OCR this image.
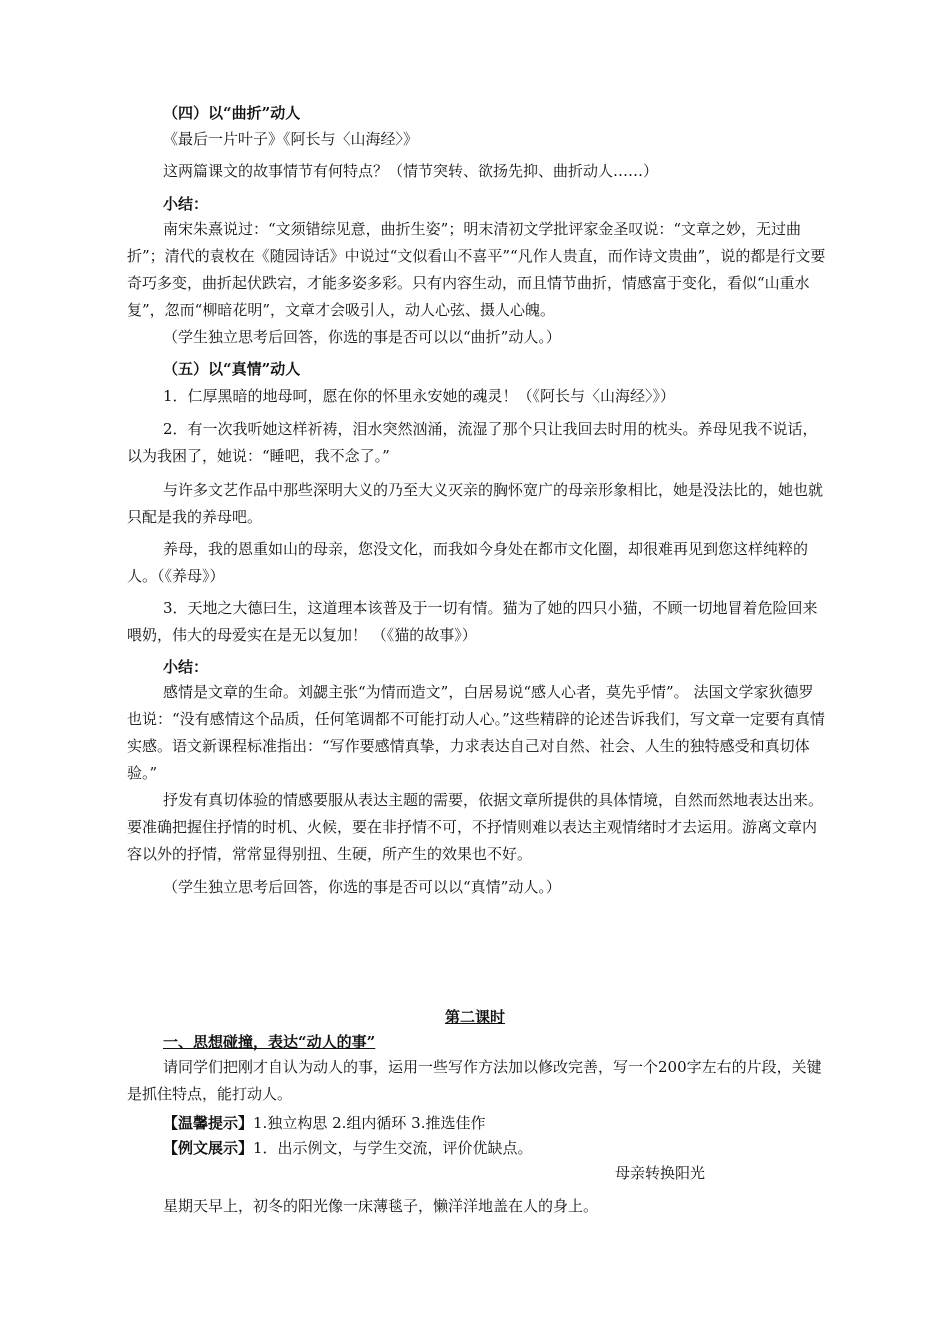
（四）以“曲折”动人

《最后一片叶子》《阿长与〈山海经〉》

这两篇课文的故事情节有何特点？（情节突转、欲扬先抑、曲折动人……）

小结：

南宋朱熹说过：“文须错综见意，曲折生姿”；明末清初文学批评家金圣叹说：“文章之妙，无过曲折”；清代的袁枚在《随园诗话》中说过“文似看山不喜平”“凡作人贵直，而作诗文贵曲”，说的都是行文要奇巧多变，曲折起伏跌宕，才能多姿多彩。只有内容生动，而且情节曲折，情感富于变化，看似“山重水复”，忽而“柳暗花明”，文章才会吸引人，动人心弦、摄人心魄。

（学生独立思考后回答，你选的事是否可以以“曲折”动人。）

（五）以“真情”动人

1．仁厚黑暗的地母呵，愿在你的怀里永安她的魂灵！（《阿长与〈山海经〉》）

2．有一次我听她这样祈祷，泪水突然汹涌，流湿了那个只让我回去时用的枕头。养母见我不说话，以为我困了，她说：“睡吧，我不念了。”

与许多文艺作品中那些深明大义的乃至大义灭亲的胸怀宽广的母亲形象相比，她是没法比的，她也就只配是我的养母吧。

养母，我的恩重如山的母亲，您没文化，而我如今身处在都市文化圈，却很难再见到您这样纯粹的人。（《养母》）

3．天地之大德曰生，这道理本该普及于一切有情。猫为了她的四只小猫，不顾一切地冒着危险回来喂奶，伟大的母爱实在是无以复加！ （《猫的故事》）

小结：

感情是文章的生命。刘勰主张“为情而造文”，白居易说“感人心者，莫先乎情”。 法国文学家狄德罗也说：“没有感情这个品质，任何笔调都不可能打动人心。”这些精辟的论述告诉我们，写文章一定要有真情实感。语文新课程标准指出：“写作要感情真挚，力求表达自己对自然、社会、人生的独特感受和真切体验。”

抒发有真切体验的情感要服从表达主题的需要，依据文章所提供的具体情境，自然而然地表达出来。要准确把握住抒情的时机、火候，要在非抒情不可，不抒情则难以表达主观情绪时才去运用。游离文章内容以外的抒情，常常显得别扭、生硬，所产生的效果也不好。

（学生独立思考后回答，你选的事是否可以以“真情”动人。）

第二课时

一、思想碰撞，表达“动人的事”

请同学们把刚才自认为动人的事，运用一些写作方法加以修改完善，写一个200字左右的片段，关键是抓住特点，能打动人。

【温馨提示】1.独立构思 2.组内循环 3.推选佳作

【例文展示】1．出示例文，与学生交流，评价优缺点。

母亲转换阳光

星期天早上，初冬的阳光像一床薄毯子，懒洋洋地盖在人的身上。
